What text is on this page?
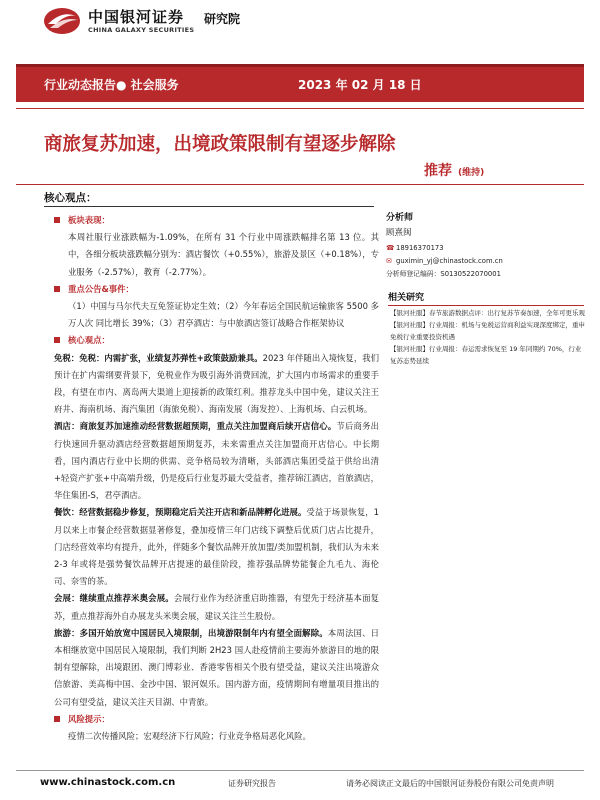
中国银河证券
CHINA GALAXY SECURITIES
研究院
行业动态报告● 社会服务	2023 年 02 月 18 日
商旅复苏加速，出境政策限制有望逐步解除
推荐 (维持)
核心观点：
板块表现：
本周社服行业涨跌幅为-1.09%，在所有 31 个行业中周涨跌幅排名第 13 位。其中，各细分板块涨跌幅分别为：酒店餐饮（+0.55%），旅游及景区（+0.18%），专业服务（-2.57%），教育（-2.77%）。
重点公告&事件：
（1）中国与马尔代夫互免签证协定生效；（2）今年春运全国民航运输旅客 5500 多万人次 同比增长 39%；（3）君亭酒店：与中旅酒店签订战略合作框架协议
核心观点：
免税：免税：内需扩张，业绩复苏弹性+政策鼓励兼具。2023 年伴随出入境恢复，我们预计在扩内需纲要背景下，免税业作为吸引海外消费回流，扩大国内市场需求的重要手段，有望在市内、离岛两大渠道上迎接新的政策红利。推荐龙头中国中免，建议关注王府井、海南机场、海汽集团（海旅免税）、海南发展（海发控）、上海机场、白云机场。
酒店：商旅复苏加速推动经营数据超预期，重点关注加盟商后续开店信心。节后商务出行快速回升驱动酒店经营数据超预期复苏，未来需重点关注加盟商开店信心。中长期看，国内酒店行业中长期的供需、竞争格局较为清晰，头部酒店集团受益于供给出清+轻资产扩张+中高端升级，仍是疫后行业复苏最大受益者，推荐锦江酒店，首旅酒店，华住集团-S，君亭酒店。
餐饮：经营数据稳步修复，预期稳定后关注开店和新品牌孵化进展。受益于场景恢复，1 月以来上市餐企经营数据显著修复，叠加疫情三年门店线下调整后优质门店占比提升，门店经营效率均有提升，此外，伴随多个餐饮品牌开放加盟/类加盟机制，我们认为未来 2-3 年或将是强势餐饮品牌开店提速的最佳阶段，推荐强品牌势能餐企九毛九、海伦司、奈雪的茶。
会展：继续重点推荐米奥会展。会展行业作为经济重启助推器，有望先于经济基本面复苏，重点推荐海外自办展龙头米奥会展，建议关注兰生股份。
旅游：多国开始放宽中国居民入境限制，出境游限制年内有望全面解除。本周法国、日本相继放宽中国居民入境限制，我们判断 2H23 国人赴疫情前主要海外旅游目的地的限制有望解除，出境跟团、澳门博彩业、香港零售相关个股有望受益，建议关注出境游众信旅游、美高梅中国、金沙中国、银河娱乐。国内游方面，疫情期间有增量项目推出的公司有望受益，建议关注天目湖、中青旅。
风险提示：
疫情二次传播风险；宏观经济下行风险；行业竞争格局恶化风险。
分析师
顾熹闽
☎ 18916370173
✉ guximin_yj@chinastock.com.cn
分析师登记编码：S0130522070001
相关研究
【银河社服】春节旅游数据点评：出行复苏节奏加速，全年可更乐观
【银河社服】行业周报：机场与免税运营商利益实现深度绑定，重申免税行业重要投资机遇
【银河社服】行业周报：春运需求恢复至 19 年同期约 70%，行业复苏态势延续
www.chinastock.com.cn	证券研究报告	请务必阅读正文最后的中国银河证券股份有限公司免责声明
